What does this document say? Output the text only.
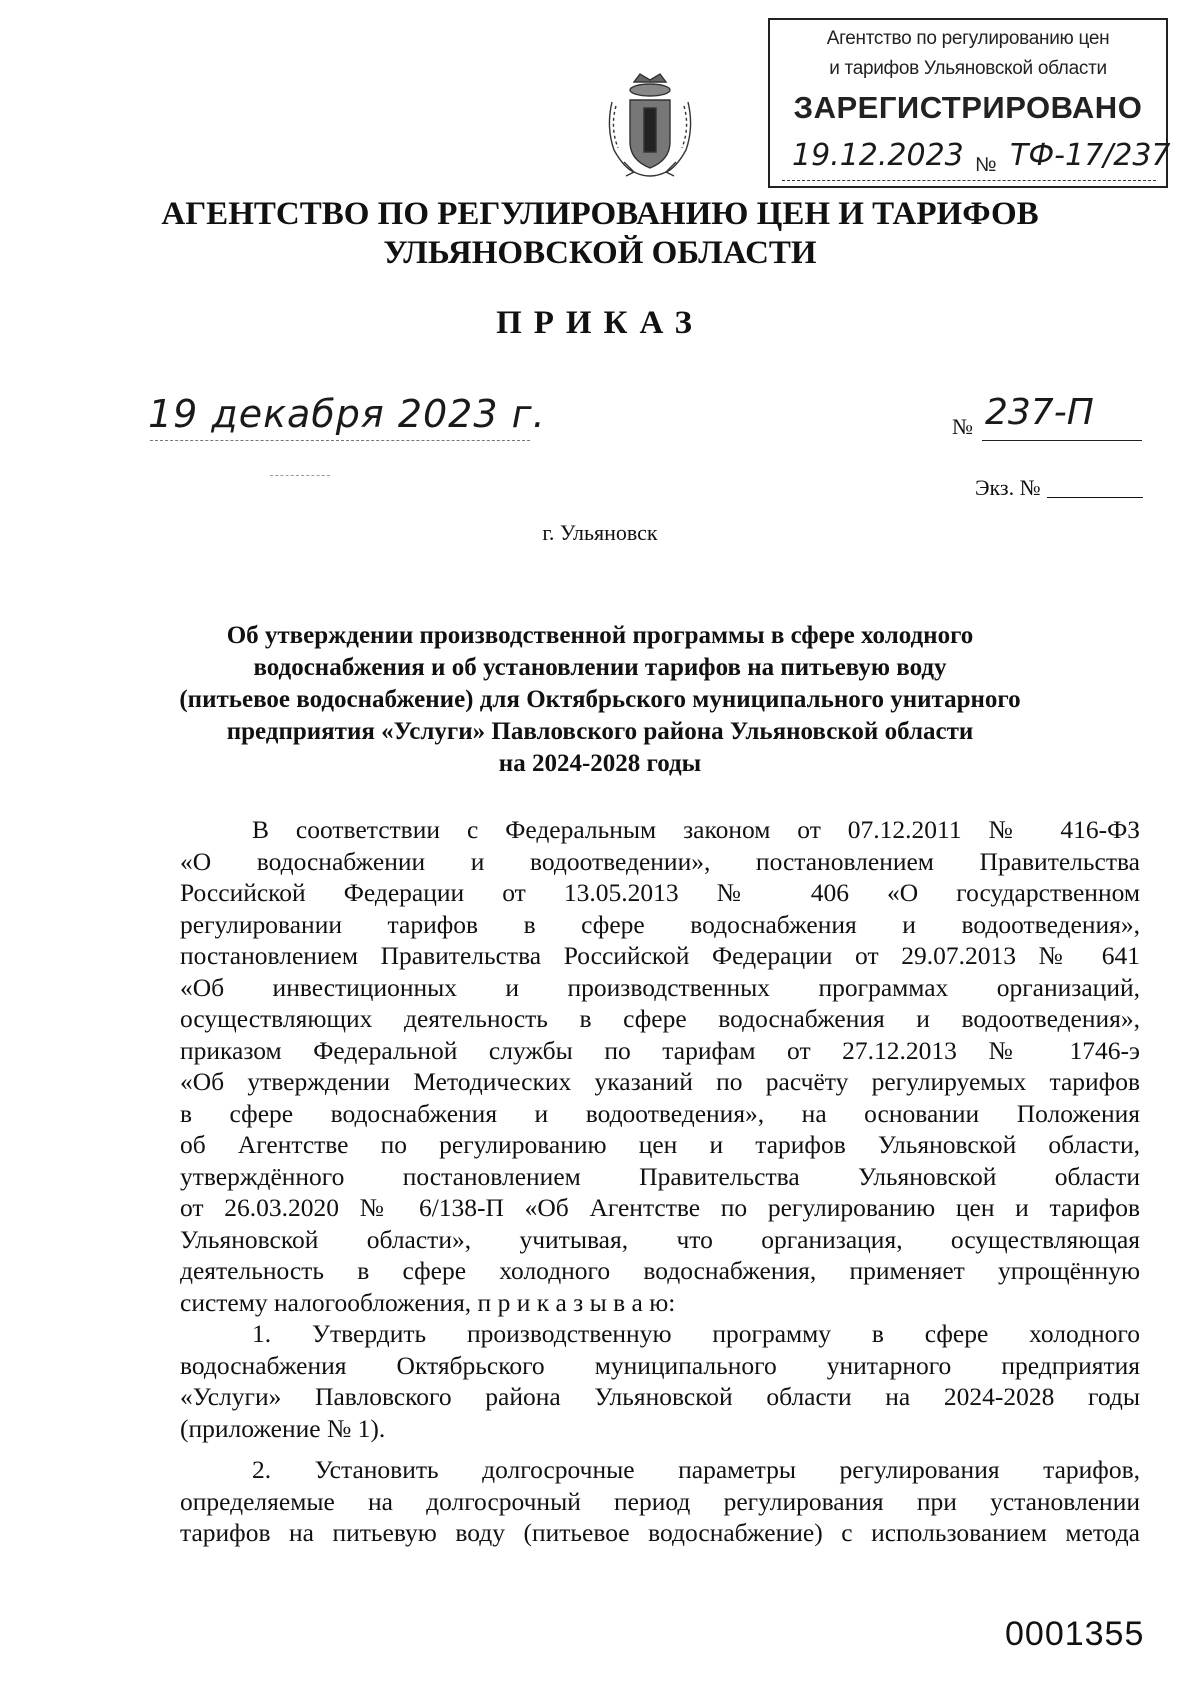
Агентство по регулированию цен
и тарифов Ульяновской области
ЗАРЕГИСТРИРОВАНО
19.12.2023 № ТФ-17/237
АГЕНТСТВО ПО РЕГУЛИРОВАНИЮ ЦЕН И ТАРИФОВ
УЛЬЯНОВСКОЙ ОБЛАСТИ
ПРИКАЗ
19 декабря 2023 г.	№ 237-П
Экз. №
г. Ульяновск
Об утверждении производственной программы в сфере холодного
водоснабжения и об установлении тарифов на питьевую воду
(питьевое водоснабжение) для Октябрьского муниципального унитарного
предприятия «Услуги» Павловского района Ульяновской области
на 2024-2028 годы

В соответствии с Федеральным законом от 07.12.2011 № 416-ФЗ

«О водоснабжении и водоотведении», постановлением Правительства

Российской Федерации от 13.05.2013 № 406 «О государственном

регулировании тарифов в сфере водоснабжения и водоотведения»,

постановлением Правительства Российской Федерации от 29.07.2013 № 641

«Об инвестиционных и производственных программах организаций,

осуществляющих деятельность в сфере водоснабжения и водоотведения»,

приказом Федеральной службы по тарифам от 27.12.2013 № 1746-э

«Об утверждении Методических указаний по расчёту регулируемых тарифов

в сфере водоснабжения и водоотведения», на основании Положения

об Агентстве по регулированию цен и тарифов Ульяновской области,

утверждённого постановлением Правительства Ульяновской области

от 26.03.2020 № 6/138-П «Об Агентстве по регулированию цен и тарифов

Ульяновской области», учитывая, что организация, осуществляющая

деятельность в сфере холодного водоснабжения, применяет упрощённую

систему налогообложения, п р и к а з ы в а ю:

1. Утвердить производственную программу в сфере холодного

водоснабжения Октябрьского муниципального унитарного предприятия

«Услуги» Павловского района Ульяновской области на 2024-2028 годы

(приложение № 1).

2. Установить долгосрочные параметры регулирования тарифов,

определяемые на долгосрочный период регулирования при установлении

тарифов на питьевую воду (питьевое водоснабжение) с использованием метода

0001355
